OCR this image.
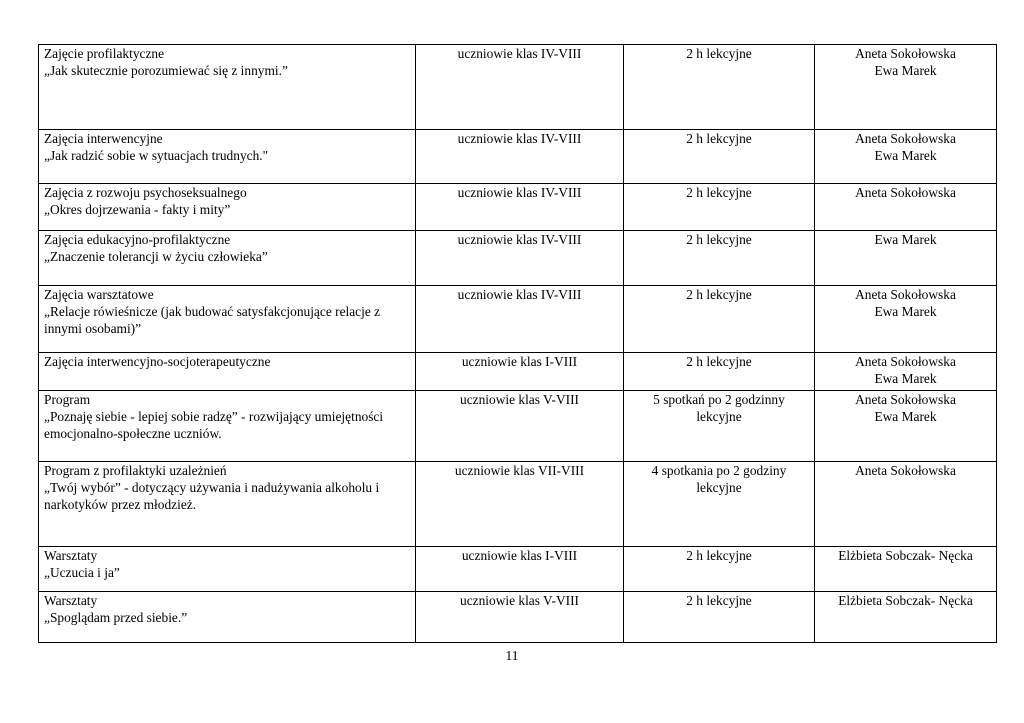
Zajęcie profilaktyczne
„Jak skutecznie porozumiewać się z innymi.”	uczniowie klas IV-VIII	2 h lekcyjne	Aneta Sokołowska
Ewa Marek

Zajęcia interwencyjne
„Jak radzić sobie w sytuacjach trudnych."	uczniowie klas IV-VIII	2 h lekcyjne	Aneta Sokołowska
Ewa Marek

Zajęcia z rozwoju psychoseksualnego
„Okres dojrzewania - fakty i mity”	uczniowie klas IV-VIII	2 h lekcyjne	Aneta Sokołowska

Zajęcia edukacyjno-profilaktyczne
„Znaczenie tolerancji w życiu człowieka”	uczniowie klas IV-VIII	2 h lekcyjne	Ewa Marek

Zajęcia warsztatowe
„Relacje rówieśnicze (jak budować satysfakcjonujące relacje z innymi osobami)”	uczniowie klas IV-VIII	2 h lekcyjne	Aneta Sokołowska
Ewa Marek

Zajęcia interwencyjno-socjoterapeutyczne	uczniowie klas I-VIII	2 h lekcyjne	Aneta Sokołowska
Ewa Marek

Program
„Poznaję siebie - lepiej sobie radzę” - rozwijający umiejętności emocjonalno-społeczne uczniów.	uczniowie klas V-VIII	5 spotkań po 2 godzinny
lekcyjne	Aneta Sokołowska
Ewa Marek

Program z profilaktyki uzależnień
„Twój wybór” - dotyczący używania i nadużywania alkoholu i narkotyków przez młodzież.	uczniowie klas VII-VIII	4 spotkania po 2 godziny
lekcyjne	Aneta Sokołowska

Warsztaty
„Uczucia i ja”	uczniowie klas I-VIII	2 h lekcyjne	Elżbieta Sobczak- Nęcka

Warsztaty
„Spoglądam przed siebie.”	uczniowie klas V-VIII	2 h lekcyjne	Elżbieta Sobczak- Nęcka
11
